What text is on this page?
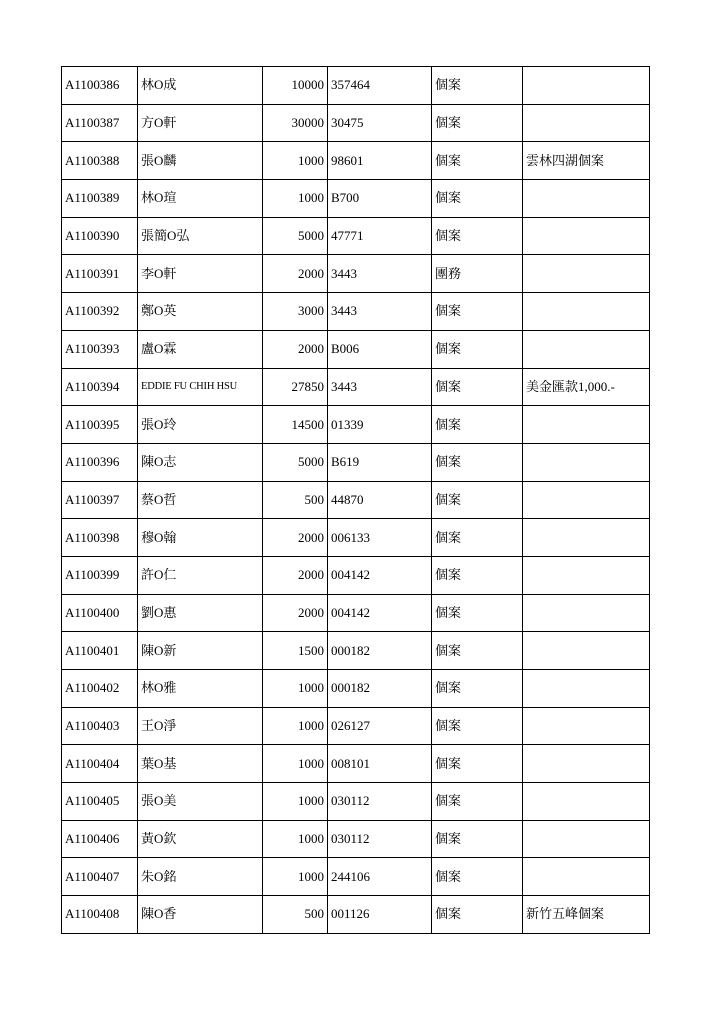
A1100386	林O成	10000	357464	個案	
A1100387	方O軒	30000	30475	個案	
A1100388	張O麟	1000	98601	個案	雲林四湖個案
A1100389	林O瑄	1000	B700	個案	
A1100390	張簡O弘	5000	47771	個案	
A1100391	李O軒	2000	3443	團務	
A1100392	鄭O英	3000	3443	個案	
A1100393	盧O霖	2000	B006	個案	
A1100394	EDDIE FU CHIH HSU	27850	3443	個案	美金匯款1,000.-
A1100395	張O玲	14500	01339	個案	
A1100396	陳O志	5000	B619	個案	
A1100397	蔡O哲	500	44870	個案	
A1100398	穆O翰	2000	006133	個案	
A1100399	許O仁	2000	004142	個案	
A1100400	劉O惠	2000	004142	個案	
A1100401	陳O新	1500	000182	個案	
A1100402	林O雅	1000	000182	個案	
A1100403	王O淨	1000	026127	個案	
A1100404	葉O基	1000	008101	個案	
A1100405	張O美	1000	030112	個案	
A1100406	黃O欽	1000	030112	個案	
A1100407	朱O銘	1000	244106	個案	
A1100408	陳O香	500	001126	個案	新竹五峰個案
